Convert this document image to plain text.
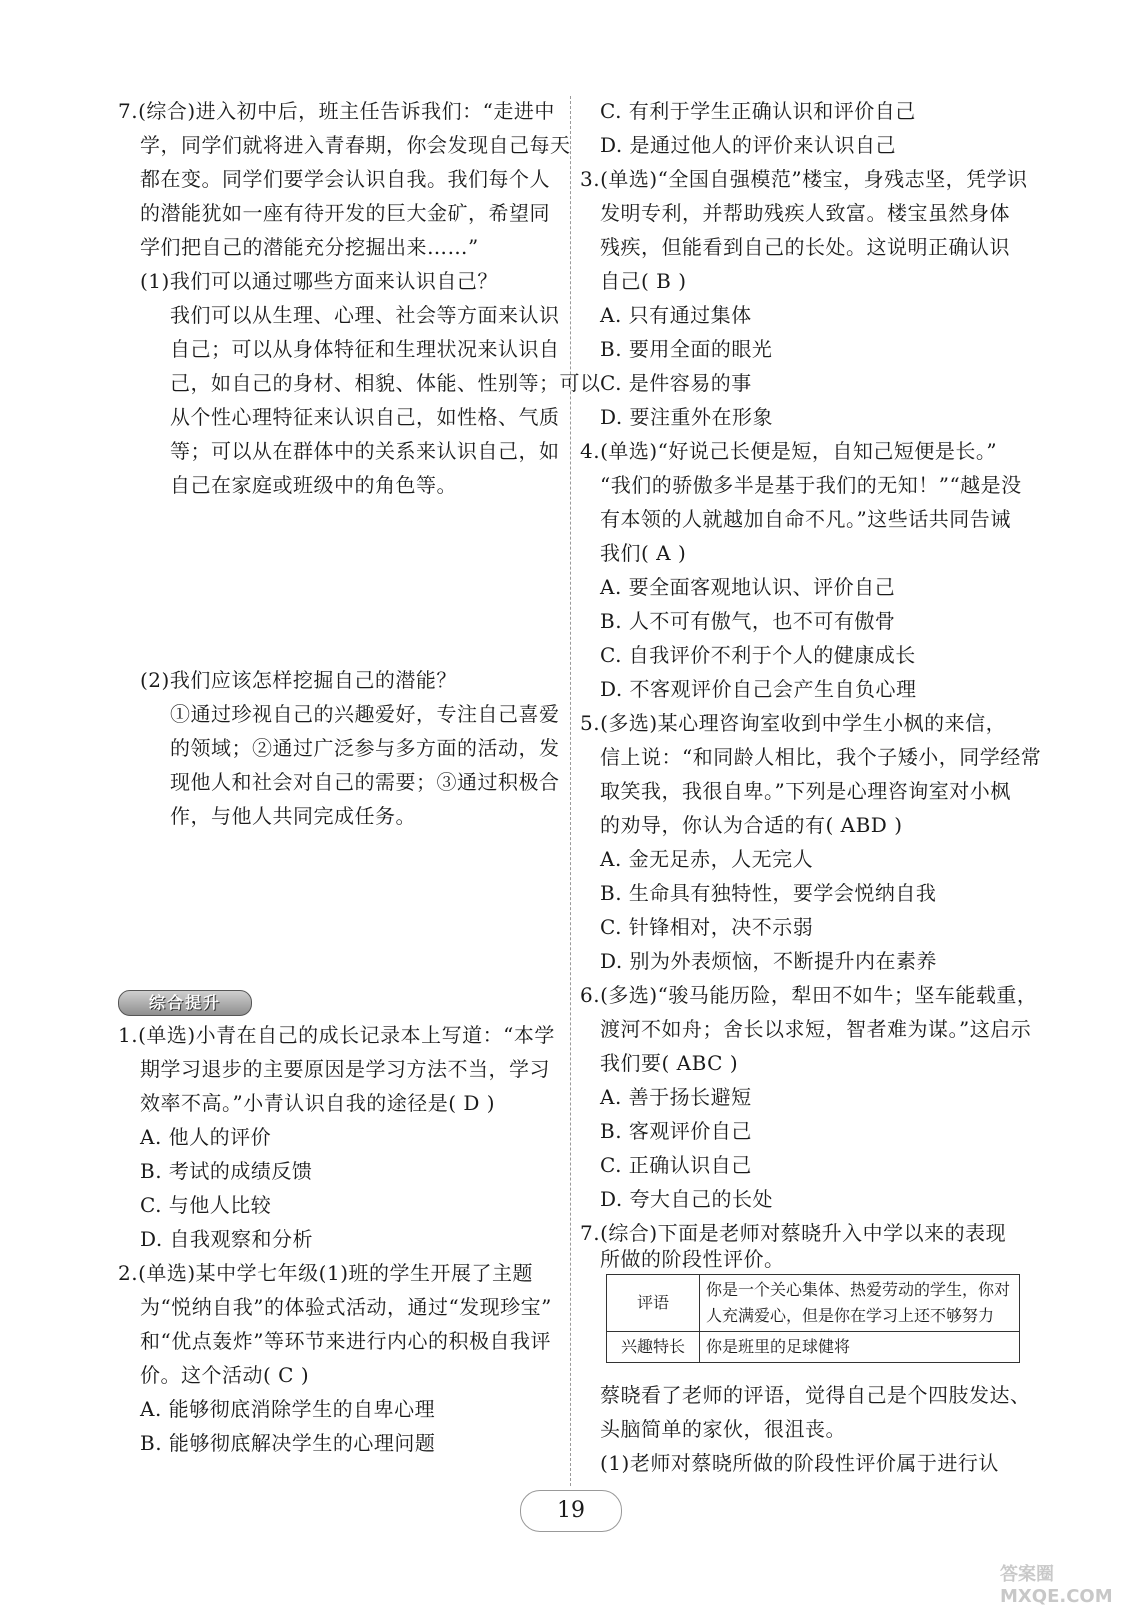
7.(综合)进入初中后，班主任告诉我们：“走进中
学，同学们就将进入青春期，你会发现自己每天
都在变。同学们要学会认识自我。我们每个人
的潜能犹如一座有待开发的巨大金矿，希望同
学们把自己的潜能充分挖掘出来……”
(1)我们可以通过哪些方面来认识自己？
我们可以从生理、心理、社会等方面来认识
自己；可以从身体特征和生理状况来认识自
己，如自己的身材、相貌、体能、性别等；可以
从个性心理特征来认识自己，如性格、气质
等；可以从在群体中的关系来认识自己，如
自己在家庭或班级中的角色等。
(2)我们应该怎样挖掘自己的潜能？
①通过珍视自己的兴趣爱好，专注自己喜爱
的领域；②通过广泛参与多方面的活动，发
现他人和社会对自己的需要；③通过积极合
作，与他人共同完成任务。
1.(单选)小青在自己的成长记录本上写道：“本学
期学习退步的主要原因是学习方法不当，学习
效率不高。”小青认识自我的途径是( D )
A. 他人的评价
B. 考试的成绩反馈
C. 与他人比较
D. 自我观察和分析
2.(单选)某中学七年级(1)班的学生开展了主题
为“悦纳自我”的体验式活动，通过“发现珍宝”
和“优点轰炸”等环节来进行内心的积极自我评
价。这个活动( C )
A. 能够彻底消除学生的自卑心理
B. 能够彻底解决学生的心理问题
综合提升
C. 有利于学生正确认识和评价自己
D. 是通过他人的评价来认识自己
3.(单选)“全国自强模范”楼宝，身残志坚，凭学识
发明专利，并帮助残疾人致富。楼宝虽然身体
残疾，但能看到自己的长处。这说明正确认识
自己( B )
A. 只有通过集体
B. 要用全面的眼光
C. 是件容易的事
D. 要注重外在形象
4.(单选)“好说己长便是短，自知己短便是长。”
“我们的骄傲多半是基于我们的无知！”“越是没
有本领的人就越加自命不凡。”这些话共同告诫
我们( A )
A. 要全面客观地认识、评价自己
B. 人不可有傲气，也不可有傲骨
C. 自我评价不利于个人的健康成长
D. 不客观评价自己会产生自负心理
5.(多选)某心理咨询室收到中学生小枫的来信，
信上说：“和同龄人相比，我个子矮小，同学经常
取笑我，我很自卑。”下列是心理咨询室对小枫
的劝导，你认为合适的有( ABD )
A. 金无足赤，人无完人
B. 生命具有独特性，要学会悦纳自我
C. 针锋相对，决不示弱
D. 别为外表烦恼，不断提升内在素养
6.(多选)“骏马能历险，犁田不如牛；坚车能载重，
渡河不如舟；舍长以求短，智者难为谋。”这启示
我们要( ABC )
A. 善于扬长避短
B. 客观评价自己
C. 正确认识自己
D. 夸大自己的长处
7.(综合)下面是老师对蔡晓升入中学以来的表现
所做的阶段性评价。
蔡晓看了老师的评语，觉得自己是个四肢发达、
头脑简单的家伙，很沮丧。
(1)老师对蔡晓所做的阶段性评价属于进行认
评语	你是一个关心集体、热爱劳动的学生，你对
人充满爱心，但是你在学习上还不够努力

兴趣特长	你是班里的足球健将
19
答案圈 MXQE.COM
